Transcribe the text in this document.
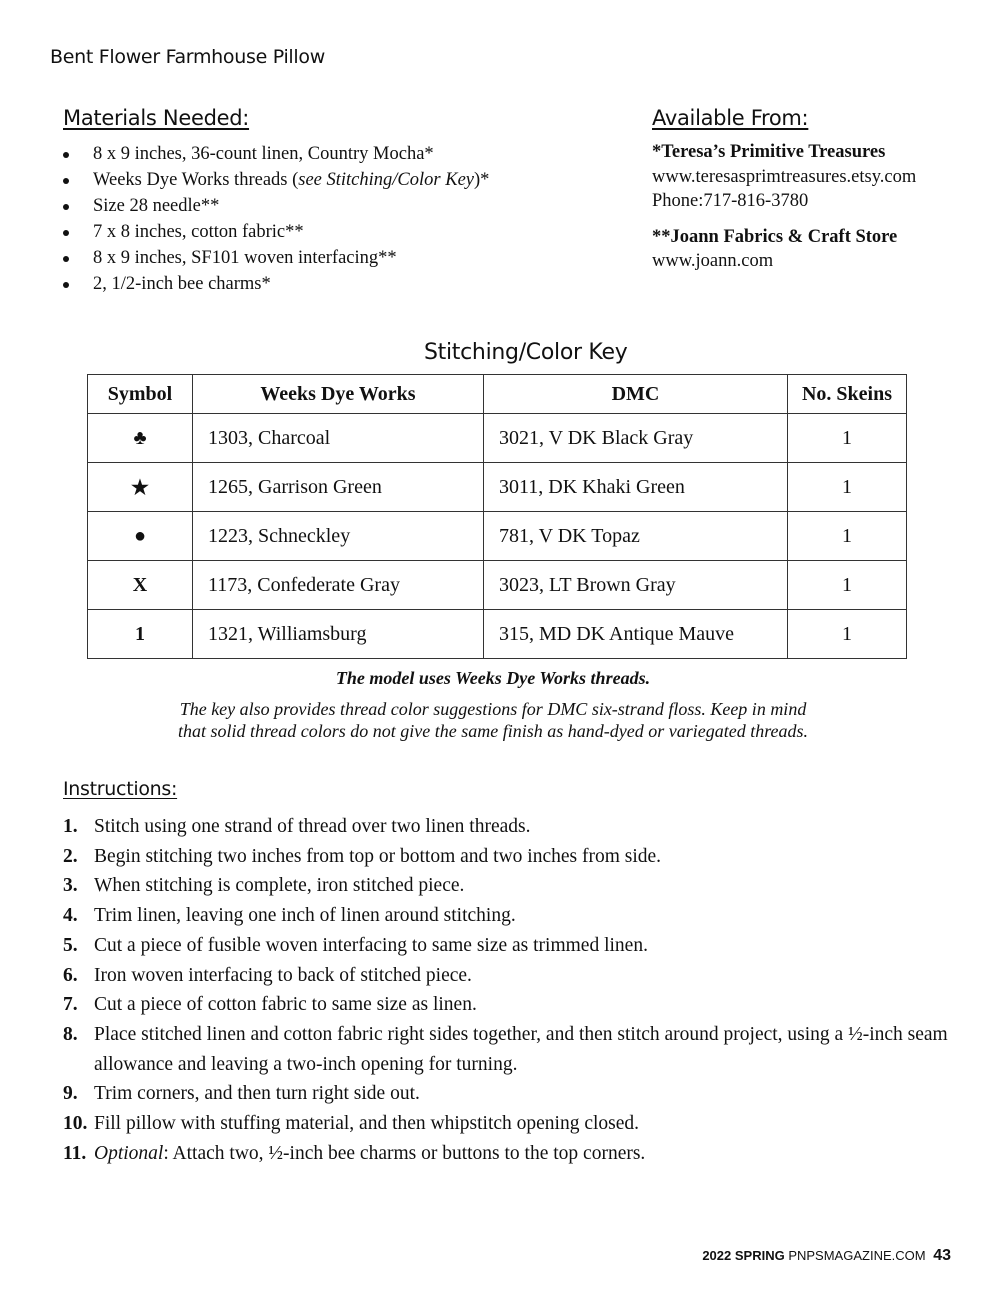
Bent Flower Farmhouse Pillow
Materials Needed:
8 x 9 inches, 36-count linen, Country Mocha*
Weeks Dye Works threads (see Stitching/Color Key)*
Size 28 needle**
7 x 8 inches, cotton fabric**
8 x 9 inches, SF101 woven interfacing**
2, 1/2-inch bee charms*
Available From:
*Teresa’s Primitive Treasures
www.teresasprimtreasures.etsy.com
Phone:717-816-3780
**Joann Fabrics & Craft Store
www.joann.com
Stitching/Color Key
Symbol	Weeks Dye Works	DMC	No. Skeins
♣	1303, Charcoal	3021, V DK Black Gray	1
★	1265, Garrison Green	3011, DK Khaki Green	1
●	1223, Schneckley	781, V DK Topaz	1
X	1173, Confederate Gray	3023, LT Brown Gray	1
1	1321, Williamsburg	315, MD DK Antique Mauve	1
The model uses Weeks Dye Works threads.
The key also provides thread color suggestions for DMC six-strand floss. Keep in mind
that solid thread colors do not give the same finish as hand-dyed or variegated threads.
Instructions:
1. Stitch using one strand of thread over two linen threads.
2. Begin stitching two inches from top or bottom and two inches from side.
3. When stitching is complete, iron stitched piece.
4. Trim linen, leaving one inch of linen around stitching.
5. Cut a piece of fusible woven interfacing to same size as trimmed linen.
6. Iron woven interfacing to back of stitched piece.
7. Cut a piece of cotton fabric to same size as linen.
8. Place stitched linen and cotton fabric right sides together, and then stitch around project, using a ½-inch seam allowance and leaving a two-inch opening for turning.
9. Trim corners, and then turn right side out.
10. Fill pillow with stuffing material, and then whipstitch opening closed.
11. Optional: Attach two, ½-inch bee charms or buttons to the top corners.
2022 SPRING PNPSMAGAZINE.COM 43
